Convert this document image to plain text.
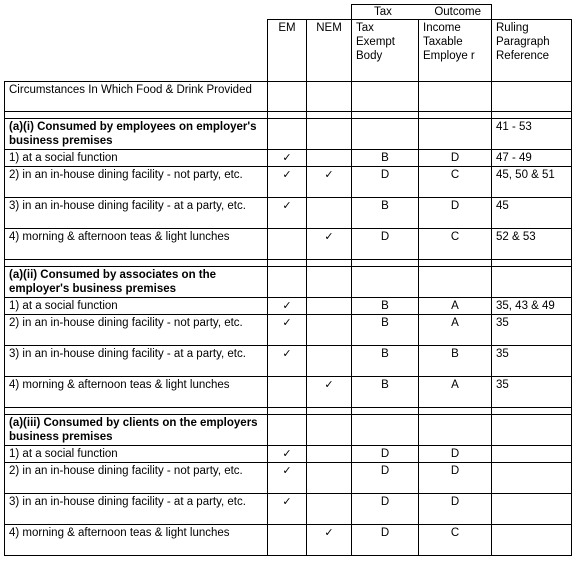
			Tax Outcome		

	EM	NEM	Tax Exempt Body	Income Taxable Employe r	Ruling Paragraph Reference
Circumstances In Which Food & Drink Provided					

(a)(i) Consumed by employees on employer's business premises					41 - 53
1) at a social function	✓		B	D	47 - 49
2) in an in-house dining facility - not party, etc.	✓	✓	D	C	45, 50 & 51
3) in an in-house dining facility - at a party, etc.	✓		B	D	45
4) morning & afternoon teas & light lunches		✓	D	C	52 & 53

(a)(ii) Consumed by associates on the employer's business premises					
1) at a social function	✓		B	A	35, 43 & 49
2) in an in-house dining facility - not party, etc.	✓		B	A	35
3) in an in-house dining facility - at a party, etc.	✓		B	B	35
4) morning & afternoon teas & light lunches		✓	B	A	35

(a)(iii) Consumed by clients on the employers business premises					
1) at a social function	✓		D	D	
2) in an in-house dining facility - not party, etc.	✓		D	D	
3) in an in-house dining facility - at a party, etc.	✓		D	D	
4) morning & afternoon teas & light lunches		✓	D	C	
